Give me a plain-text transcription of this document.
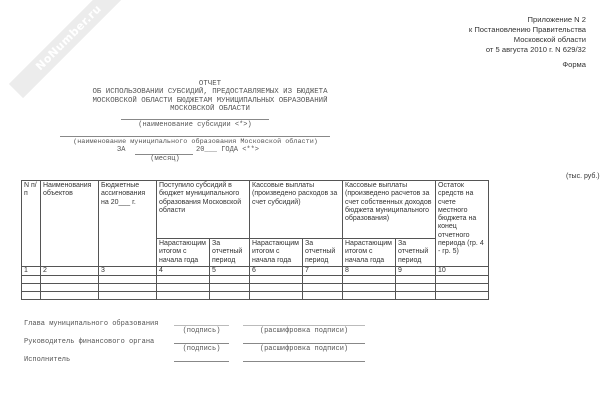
NoNumber.ru	Приложение N 2
к Постановлению Правительства
Московской области
от 5 августа 2010 г. N 629/32
Форма
ОТЧЕТ
ОБ ИСПОЛЬЗОВАНИИ СУБСИДИЙ, ПРЕДОСТАВЛЯЕМЫХ ИЗ БЮДЖЕТА
МОСКОВСКОЙ ОБЛАСТИ БЮДЖЕТАМ МУНИЦИПАЛЬНЫХ ОБРАЗОВАНИЙ
МОСКОВСКОЙ ОБЛАСТИ
(наименование субсидии <*>)
(наименование муниципального образования Московской области)
ЗА	20___ ГОДА <**>
(месяц)
(тыс. руб.)
N п/п	Наименования объектов	Бюджетные ассигнования на 20___ г.	Поступило субсидий в бюджет муниципального образования Московской области		Кассовые выплаты (произведено расходов за счет субсидий)		Кассовые выплаты (произведено расчетов за счет собственных доходов бюджета муниципального образования)		Остаток средств на счете местного бюджета на конец отчетного периода (гр. 4 - гр. 5)
			Нарастающим итогом с начала года	За отчетный период	Нарастающим итогом с начала года	За отчетный период	Нарастающим итогом с начала года	За отчетный период	
1	2	3	4	5	6	7	8	9	10

Глава муниципального образования
(подпись)	(расшифровка подписи)
Руководитель финансового органа
(подпись)	(расшифровка подписи)
Исполнитель
